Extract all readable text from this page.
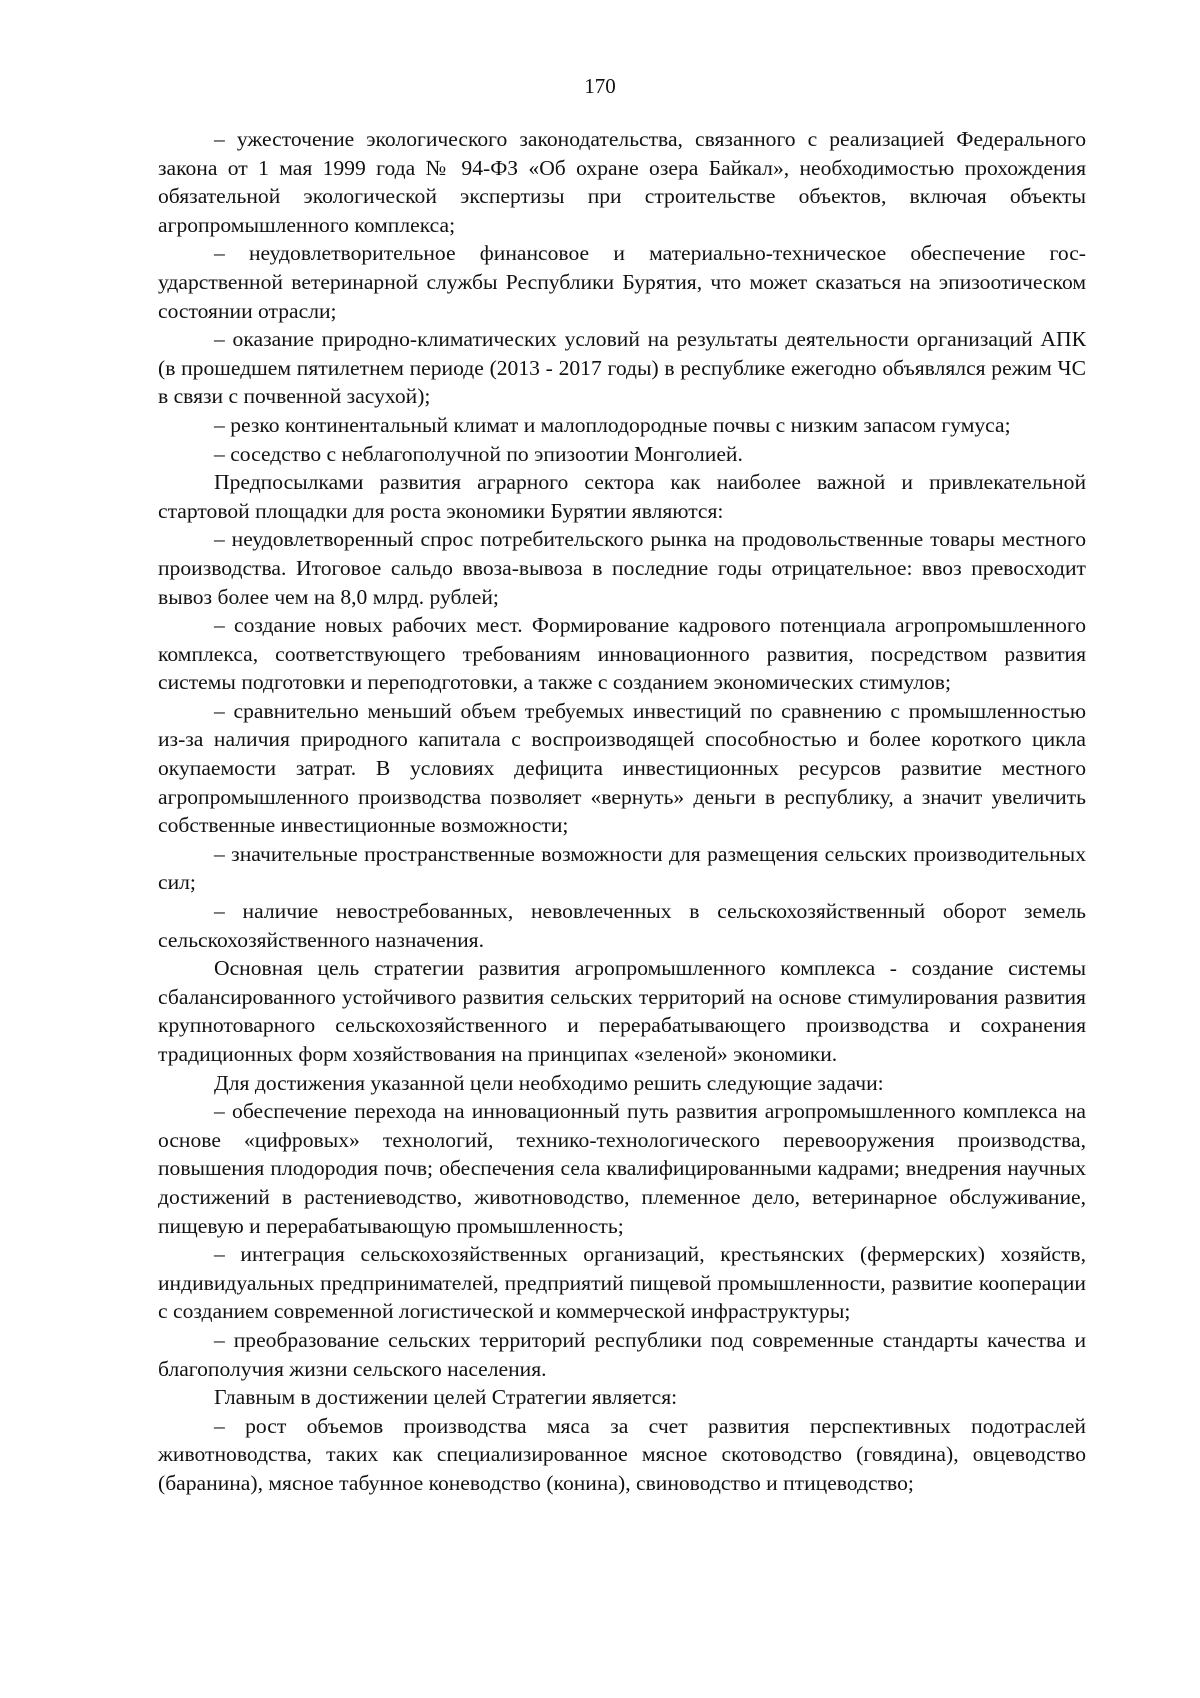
170

– ужесточение экологического законодательства, связанного с реализацией Федерального закона от 1 мая 1999 года № 94-ФЗ «Об охране озера Байкал», необходимостью прохождения обязательной экологической экспертизы при строительстве объектов, включая объекты агропромышленного комплекса;

– неудовлетворительное финансовое и материально-техническое обеспечение государственной ветеринарной службы Республики Бурятия, что может сказаться на эпизоотическом состоянии отрасли;

– оказание природно-климатических условий на результаты деятельности организаций АПК (в прошедшем пятилетнем периоде (2013 - 2017 годы) в республике ежегодно объявлялся режим ЧС в связи с почвенной засухой);

– резко континентальный климат и малоплодородные почвы с низким запасом гумуса;

– соседство с неблагополучной по эпизоотии Монголией.

Предпосылками развития аграрного сектора как наиболее важной и привлекательной стартовой площадки для роста экономики Бурятии являются:

– неудовлетворенный спрос потребительского рынка на продовольственные товары местного производства. Итоговое сальдо ввоза-вывоза в последние годы отрицательное: ввоз превосходит вывоз более чем на 8,0 млрд. рублей;

– создание новых рабочих мест. Формирование кадрового потенциала агропромышленного комплекса, соответствующего требованиям инновационного развития, посредством развития системы подготовки и переподготовки, а также с созданием экономических стимулов;

– сравнительно меньший объем требуемых инвестиций по сравнению с промышленностью из-за наличия природного капитала с воспроизводящей способностью и более короткого цикла окупаемости затрат. В условиях дефицита инвестиционных ресурсов развитие местного агропромышленного производства позволяет «вернуть» деньги в республику, а значит увеличить собственные инвестиционные возможности;

– значительные пространственные возможности для размещения сельских производительных сил;

– наличие невостребованных, невовлеченных в сельскохозяйственный оборот земель сельскохозяйственного назначения.

Основная цель стратегии развития агропромышленного комплекса - создание системы сбалансированного устойчивого развития сельских территорий на основе стимулирования развития крупнотоварного сельскохозяйственного и перерабатывающего производства и сохранения традиционных форм хозяйствования на принципах «зеленой» экономики.

Для достижения указанной цели необходимо решить следующие задачи:

– обеспечение перехода на инновационный путь развития агропромышленного комплекса на основе «цифровых» технологий, технико-технологического перевооружения производства, повышения плодородия почв; обеспечения села квалифицированными кадрами; внедрения научных достижений в растениеводство, животноводство, племенное дело, ветеринарное обслуживание, пищевую и перерабатывающую промышленность;

– интеграция сельскохозяйственных организаций, крестьянских (фермерских) хозяйств, индивидуальных предпринимателей, предприятий пищевой промышленности, развитие кооперации с созданием современной логистической и коммерческой инфраструктуры;

– преобразование сельских территорий республики под современные стандарты качества и благополучия жизни сельского населения.

Главным в достижении целей Стратегии является:

– рост объемов производства мяса за счет развития перспективных подотраслей животноводства, таких как специализированное мясное скотоводство (говядина), овцеводство (баранина), мясное табунное коневодство (конина), свиноводство и птицеводство;
